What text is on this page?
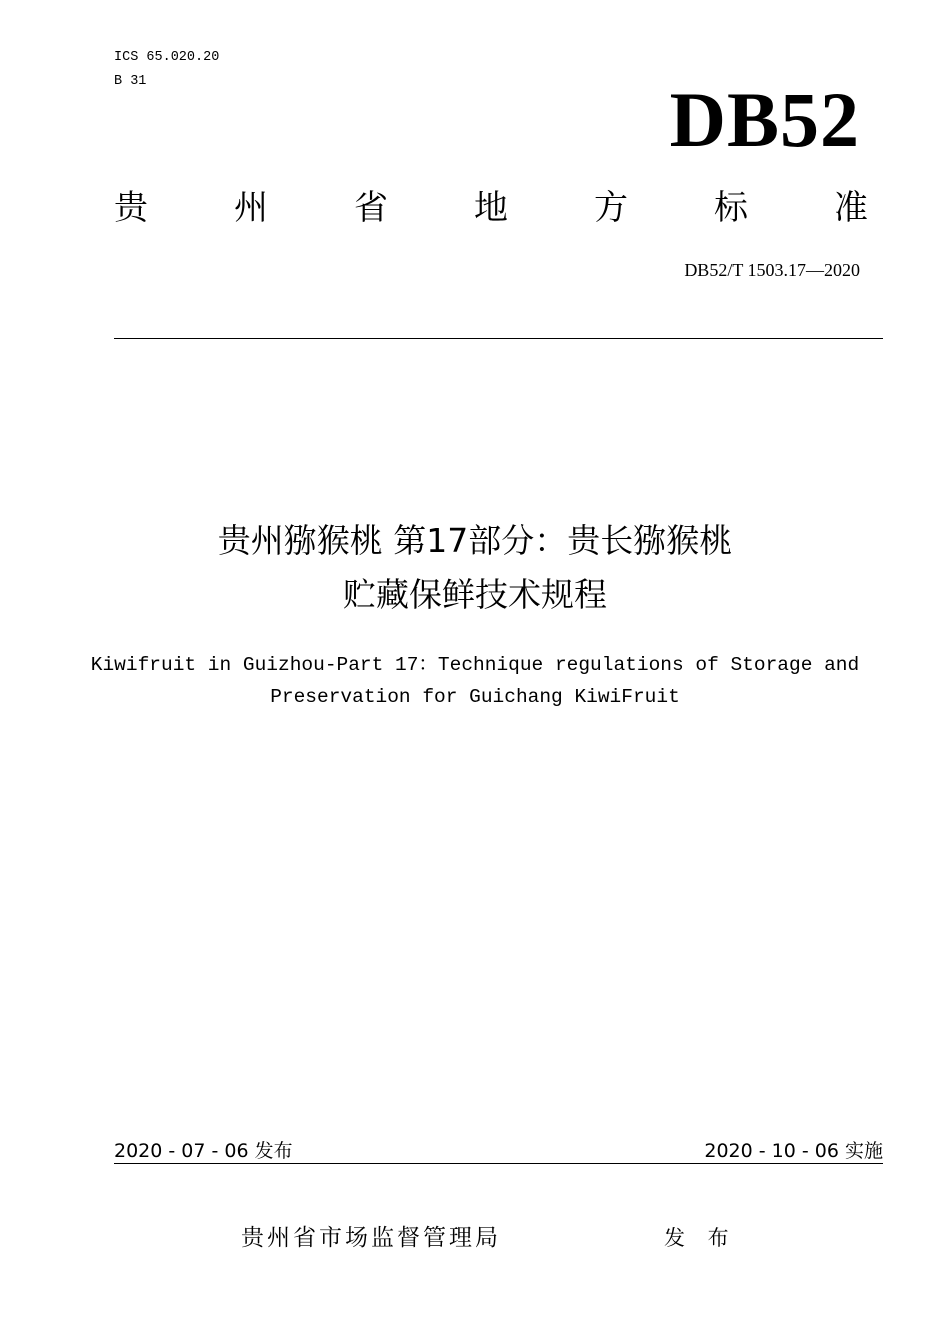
ICS 65.020.20
B 31	DB52
贵	州	省	地	方	标	准
DB52/T 1503.17—2020
贵州猕猴桃 第17部分：贵长猕猴桃
贮藏保鲜技术规程
Kiwifruit in Guizhou-Part 17：Technique regulations of Storage and
Preservation for Guichang KiwiFruit
2020 - 07 - 06 发布	2020 - 10 - 06 实施
贵州省市场监督管理局	发 布
